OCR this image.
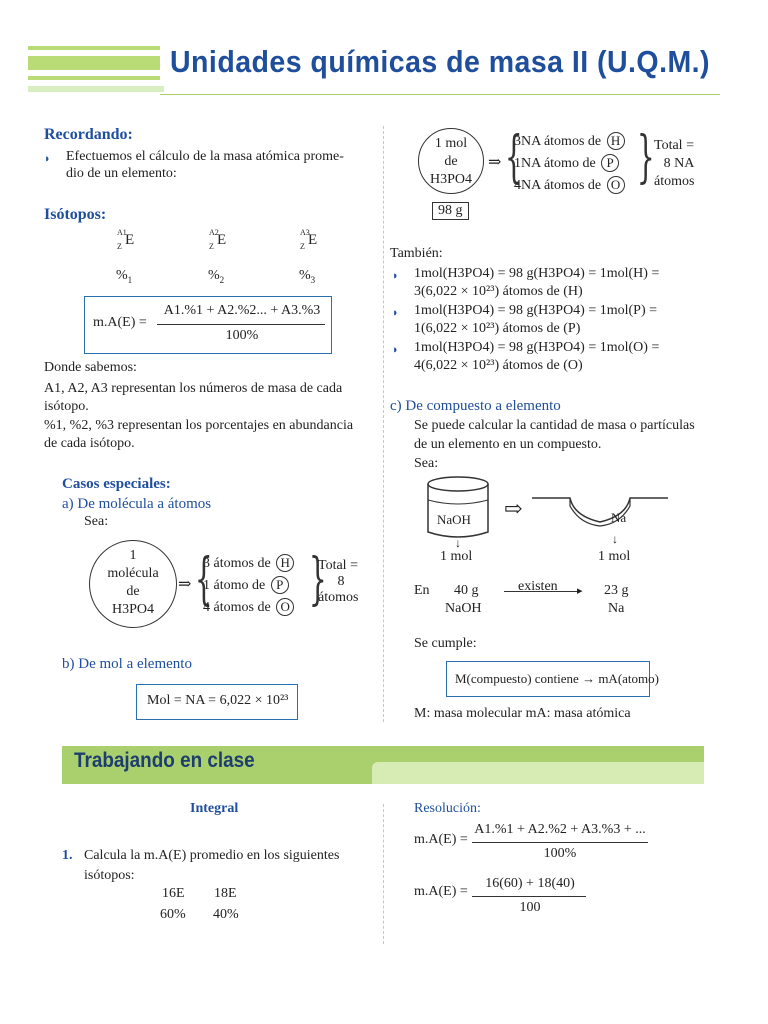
Unidades químicas de masa II (U.Q.M.)
Recordando:
◗ Efectuemos el cálculo de la masa atómica prome-
dio de un elemento:
Isótopos:
A1
Z E	A2
Z E	A3
Z E
$\%_1$	$\%_2$	$\%_3$
m.A(E) =
A1.%1 + A2.%2... + A3.%3
100%
Donde sabemos:
A1, A2, A3 representan los números de masa de cada
isótopo.
%1, %2, %3 representan los porcentajes en abundancia
de cada isótopo.
Casos especiales:
a) De molécula a átomos
Sea:
1
molécula
de
H3PO4
⇒ {
3 átomos de H
1 átomo de P
4 átomos de O }
Total =
8
átomos
b) De mol a elemento
Mol = NA = 6,022 × 10²³
1 mol
de
H3PO4
98 g
⇒ {
3NA átomos de H
1NA átomo de P
4NA átomos de O } Total =
8 NA
átomos
También:
◗ 1mol(H3PO4) = 98 g(H3PO4) = 1mol(H) =
3(6,022 × 10²³) átomos de (H)
◗ 1mol(H3PO4) = 98 g(H3PO4) = 1mol(P) =
1(6,022 × 10²³) átomos de (P)
◗ 1mol(H3PO4) = 98 g(H3PO4) = 1mol(O) =
4(6,022 × 10²³) átomos de (O)
c) De compuesto a elemento
Se puede calcular la cantidad de masa o partículas
de un elemento en un compuesto.
Sea:
NaOH
↓
1 mol
⇨	Na
↓
1 mol
En 40 g
NaOH
existen ▸ 23 g
Na
Se cumple:
M(compuesto) contiene → mA(atomo)
M: masa molecular mA: masa atómica
Trabajando en clase
Integral
1. Calcula la m.A(E) promedio en los siguientes
isótopos:
16E 18E
60% 40%
Resolución:
m.A(E) =
A1.%1 + A2.%2 + A3.%3 + ...
100%
m.A(E) =
16(60) + 18(40)
100
